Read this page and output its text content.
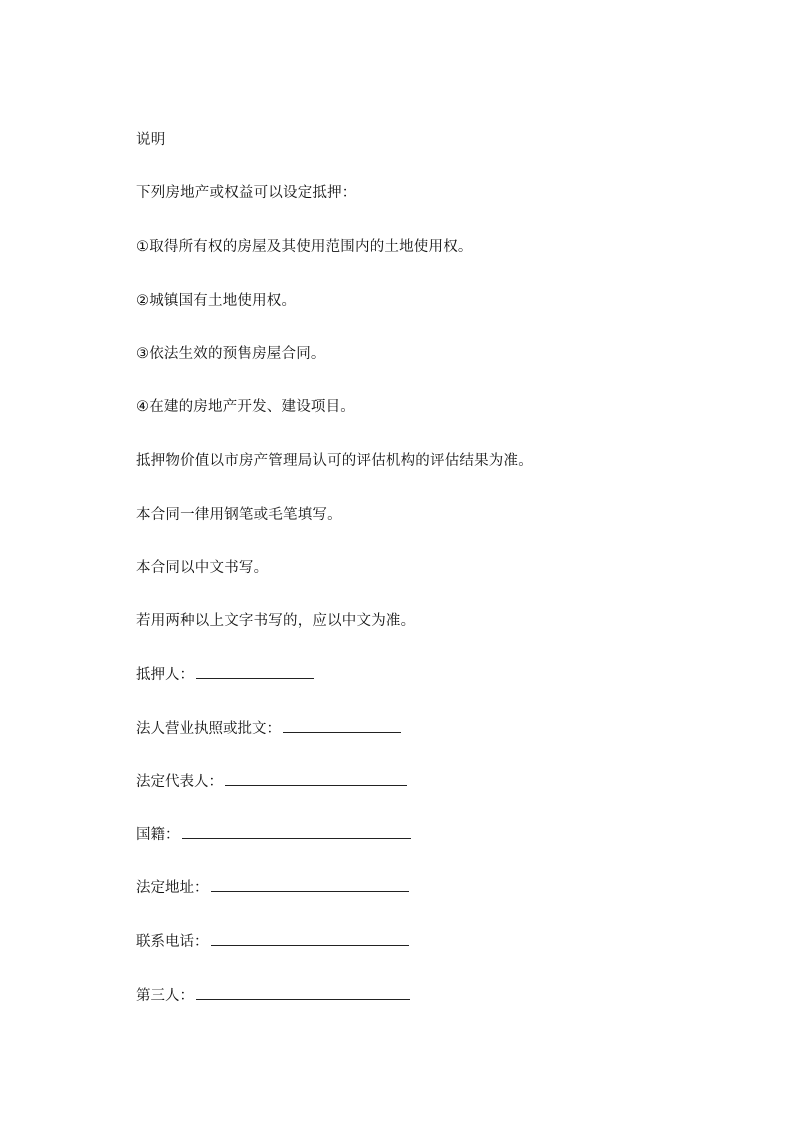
说明
下列房地产或权益可以设定抵押：
①取得所有权的房屋及其使用范围内的土地使用权。
②城镇国有土地使用权。
③依法生效的预售房屋合同。
④在建的房地产开发、建设项目。
抵押物价值以市房产管理局认可的评估机构的评估结果为准。
本合同一律用钢笔或毛笔填写。
本合同以中文书写。
若用两种以上文字书写的，应以中文为准。
抵押人：
法人营业执照或批文：
法定代表人：
国籍：
法定地址：
联系电话：
第三人：
